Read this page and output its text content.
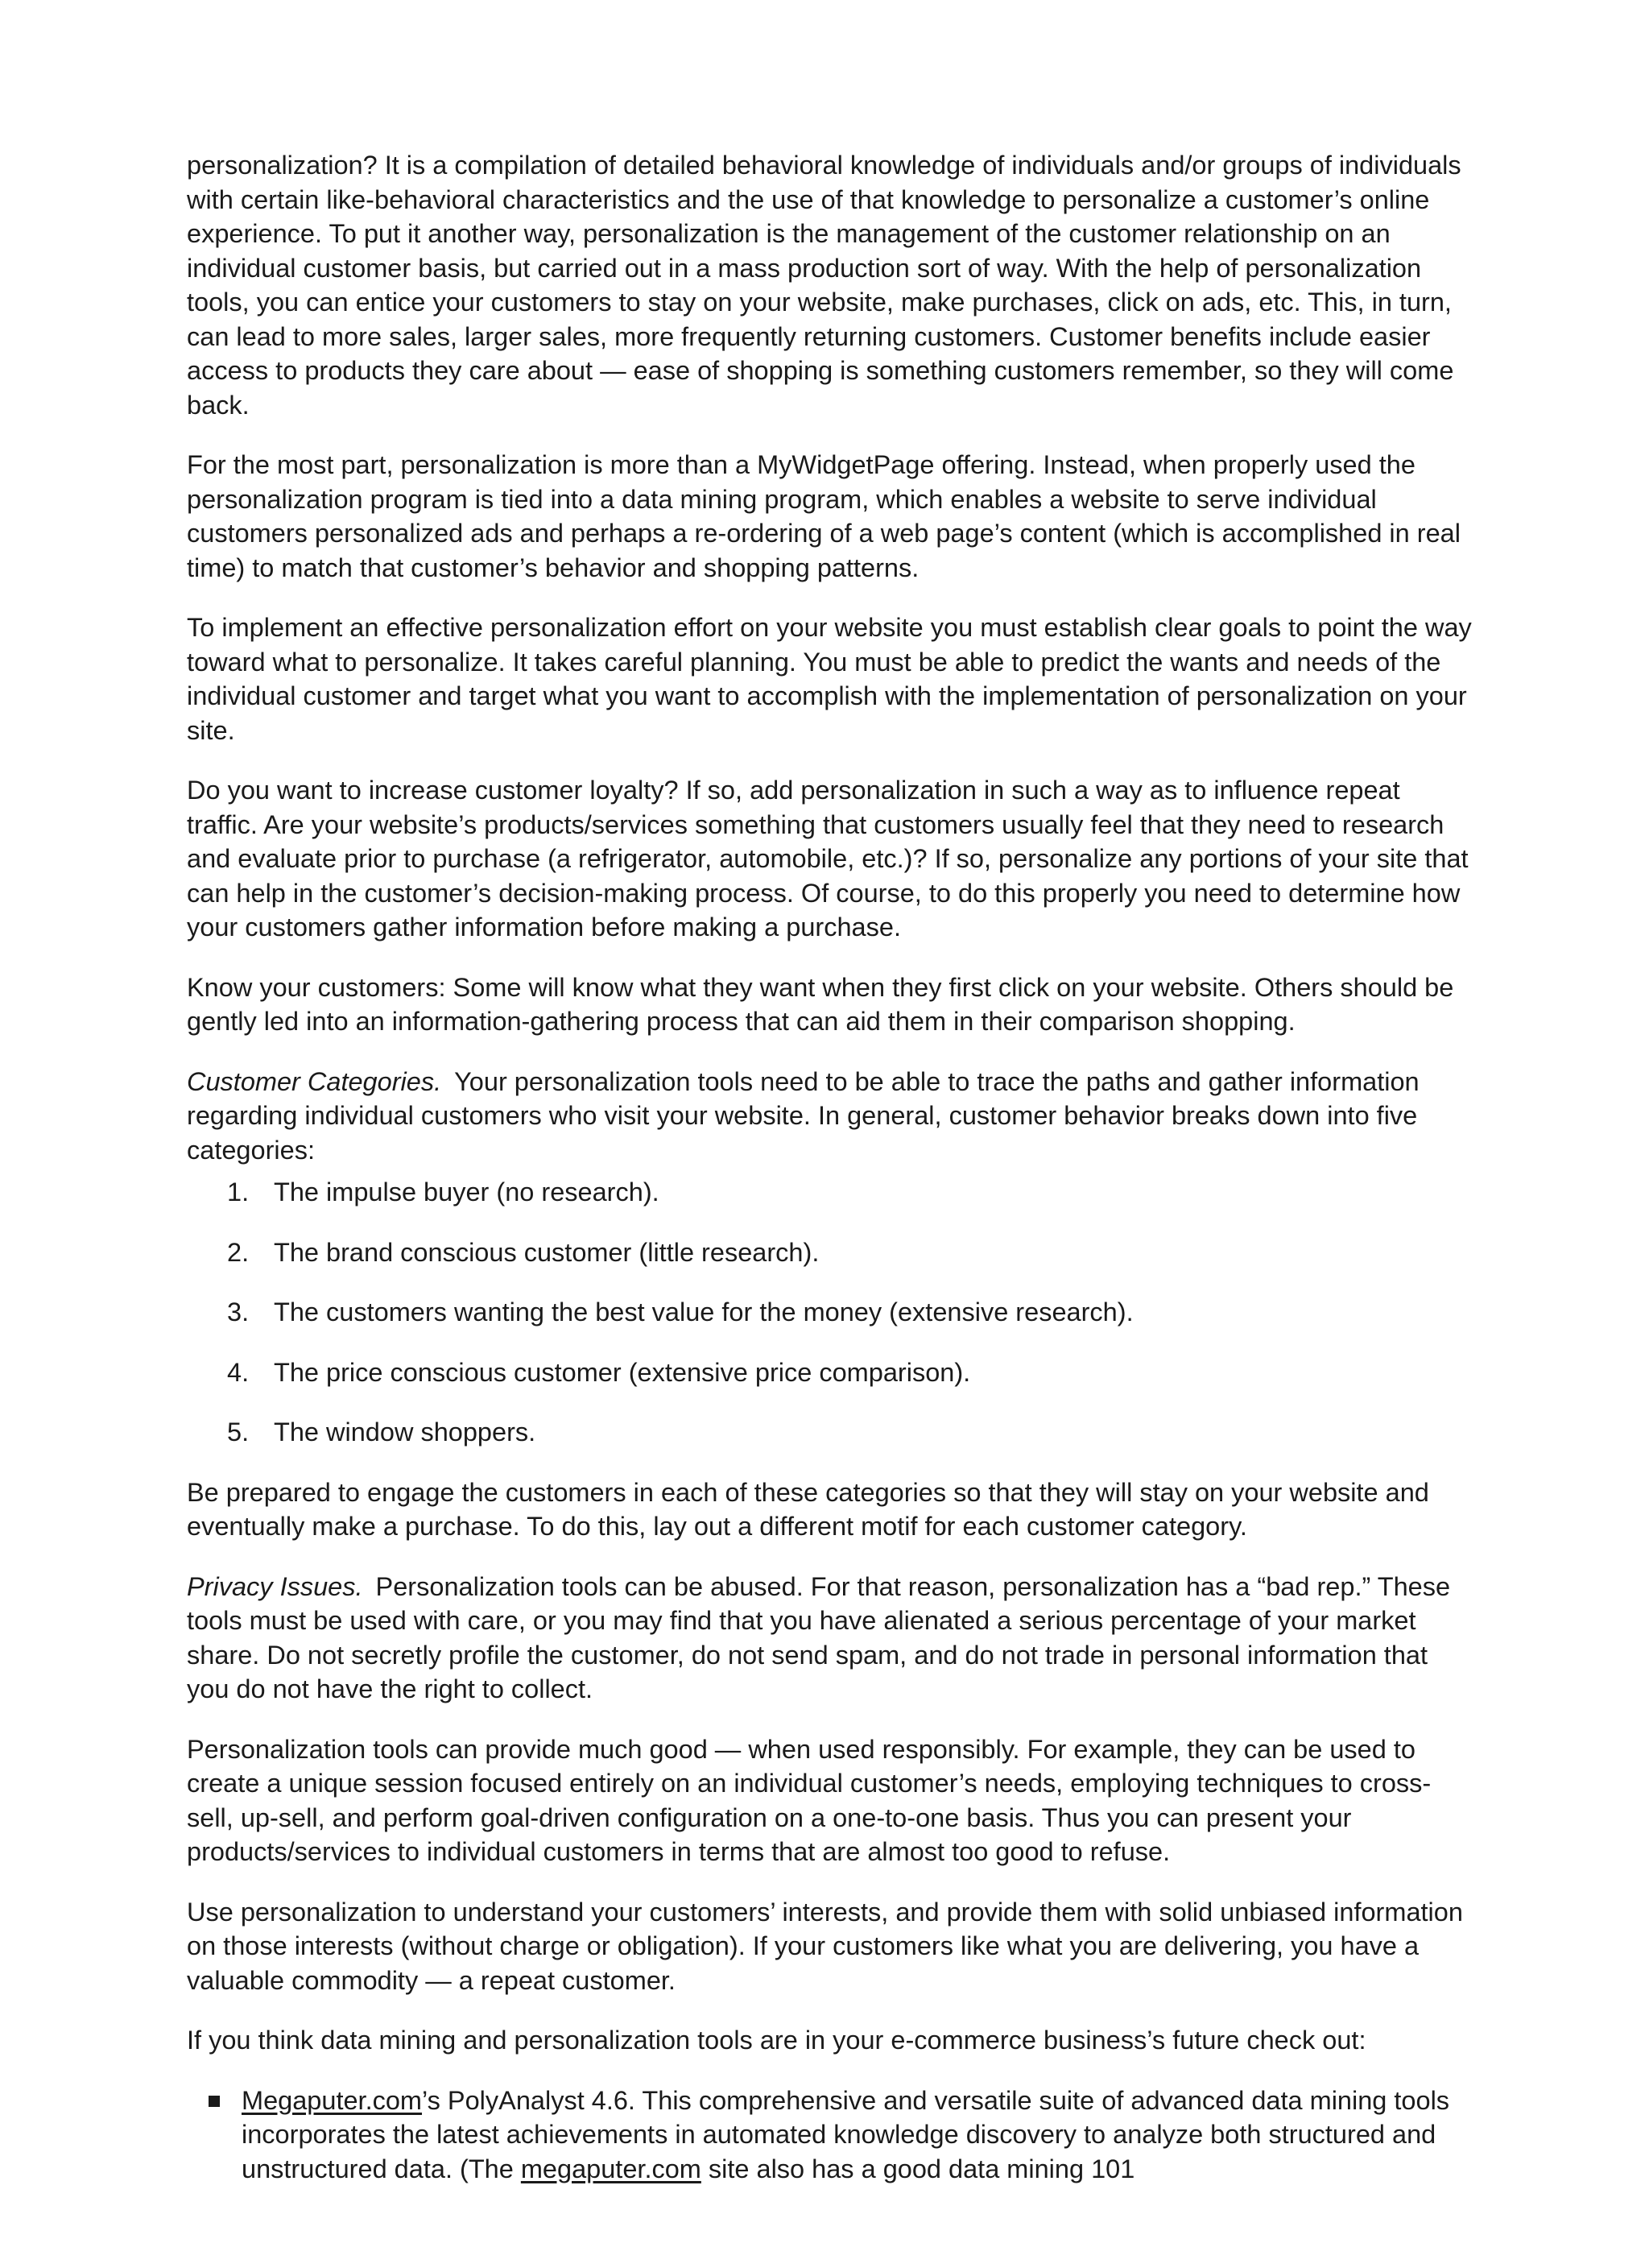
personalization? It is a compilation of detailed behavioral knowledge of individuals and/or groups of individuals with certain like-behavioral characteristics and the use of that knowledge to personalize a customer’s online experience. To put it another way, personalization is the management of the customer relationship on an individual customer basis, but carried out in a mass production sort of way. With the help of personalization tools, you can entice your customers to stay on your website, make purchases, click on ads, etc. This, in turn, can lead to more sales, larger sales, more frequently returning customers. Customer benefits include easier access to products they care about — ease of shopping is something customers remember, so they will come back.

For the most part, personalization is more than a MyWidgetPage offering. Instead, when properly used the personalization program is tied into a data mining program, which enables a website to serve individual customers personalized ads and perhaps a re-ordering of a web page’s content (which is accomplished in real time) to match that customer’s behavior and shopping patterns.

To implement an effective personalization effort on your website you must establish clear goals to point the way toward what to personalize. It takes careful planning. You must be able to predict the wants and needs of the individual customer and target what you want to accomplish with the implementation of personalization on your site.

Do you want to increase customer loyalty? If so, add personalization in such a way as to influence repeat traffic. Are your website’s products/services something that customers usually feel that they need to research and evaluate prior to purchase (a refrigerator, automobile, etc.)? If so, personalize any portions of your site that can help in the customer’s decision-making process. Of course, to do this properly you need to determine how your customers gather information before making a purchase.

Know your customers: Some will know what they want when they first click on your website. Others should be gently led into an information-gathering process that can aid them in their comparison shopping.

Customer Categories. Your personalization tools need to be able to trace the paths and gather information regarding individual customers who visit your website. In general, customer behavior breaks down into five categories:

1. The impulse buyer (no research).
2. The brand conscious customer (little research).
3. The customers wanting the best value for the money (extensive research).
4. The price conscious customer (extensive price comparison).
5. The window shoppers.

Be prepared to engage the customers in each of these categories so that they will stay on your website and eventually make a purchase. To do this, lay out a different motif for each customer category.

Privacy Issues. Personalization tools can be abused. For that reason, personalization has a “bad rep.” These tools must be used with care, or you may find that you have alienated a serious percentage of your market share. Do not secretly profile the customer, do not send spam, and do not trade in personal information that you do not have the right to collect.

Personalization tools can provide much good — when used responsibly. For example, they can be used to create a unique session focused entirely on an individual customer’s needs, employing techniques to cross-sell, up-sell, and perform goal-driven configuration on a one-to-one basis. Thus you can present your products/services to individual customers in terms that are almost too good to refuse.

Use personalization to understand your customers’ interests, and provide them with solid unbiased information on those interests (without charge or obligation). If your customers like what you are delivering, you have a valuable commodity — a repeat customer.

If you think data mining and personalization tools are in your e-commerce business’s future check out:

Megaputer.com’s PolyAnalyst 4.6. This comprehensive and versatile suite of advanced data mining tools incorporates the latest achievements in automated knowledge discovery to analyze both structured and unstructured data. (The megaputer.com site also has a good data mining 101
